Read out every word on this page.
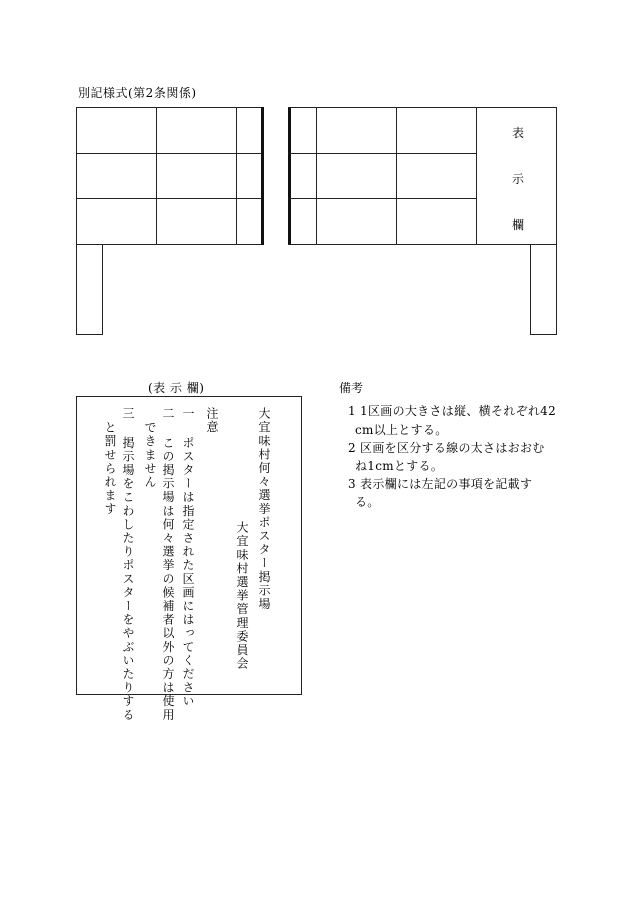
別記様式(第2条関係)
表
示
欄
(表 示 欄)
大宜味村何々選挙ポスター掲示場
大宜味村選挙管理委員会
注意
一 ポスターは指定された区画にはってください
二 この掲示場は何々選挙の候補者以外の方は使用
できません
三 掲示場をこわしたりポスターをやぶいたりする
と罰せられます
備考
1 1区画の大きさは縦、横それぞれ42
cm以上とする。
2 区画を区分する線の太さはおおむ
ね1cmとする。
3 表示欄には左記の事項を記載す
る。
